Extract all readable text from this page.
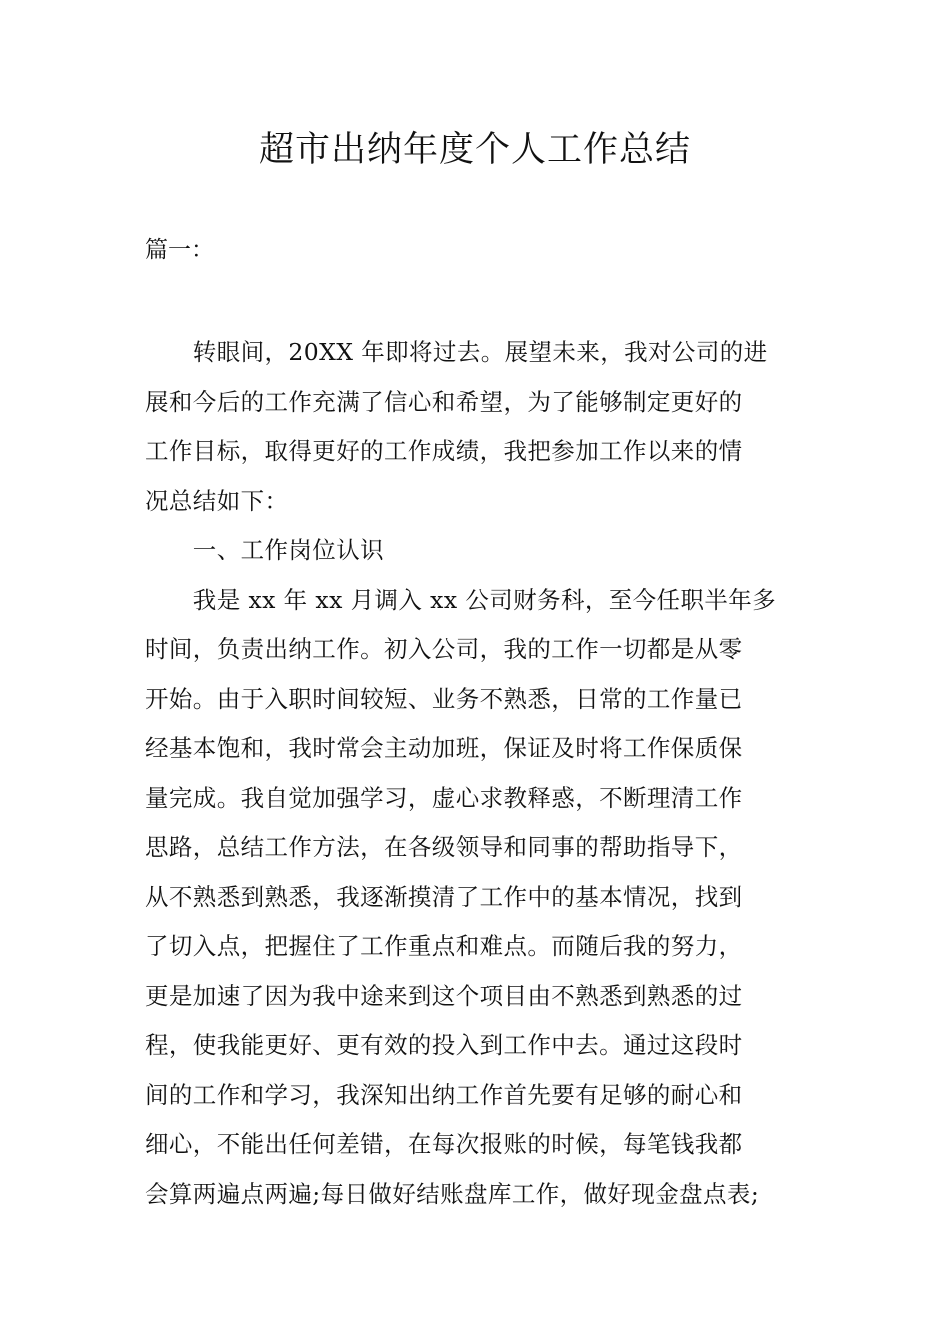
超市出纳年度个人工作总结

篇一：

　　转眼间，20XX 年即将过去。展望未来，我对公司的进
展和今后的工作充满了信心和希望，为了能够制定更好的
工作目标，取得更好的工作成绩，我把参加工作以来的情
况总结如下：
　　一、工作岗位认识
　　我是 xx 年 xx 月调入 xx 公司财务科，至今任职半年多
时间，负责出纳工作。初入公司，我的工作一切都是从零
开始。由于入职时间较短、业务不熟悉，日常的工作量已
经基本饱和，我时常会主动加班，保证及时将工作保质保
量完成。我自觉加强学习，虚心求教释惑，不断理清工作
思路，总结工作方法，在各级领导和同事的帮助指导下，
从不熟悉到熟悉，我逐渐摸清了工作中的基本情况，找到
了切入点，把握住了工作重点和难点。而随后我的努力，
更是加速了因为我中途来到这个项目由不熟悉到熟悉的过
程，使我能更好、更有效的投入到工作中去。通过这段时
间的工作和学习，我深知出纳工作首先要有足够的耐心和
细心，不能出任何差错，在每次报账的时候，每笔钱我都
会算两遍点两遍;每日做好结账盘库工作，做好现金盘点表;
